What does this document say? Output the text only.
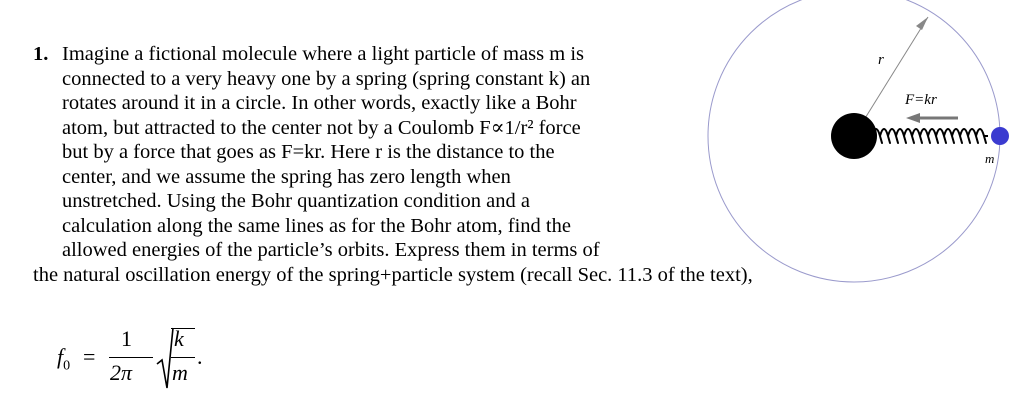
r
F=kr
m
1. Imagine a fictional molecule where a light particle of mass m is
connected to a very heavy one by a spring (spring constant k) an
rotates around it in a circle. In other words, exactly like a Bohr
atom, but attracted to the center not by a Coulomb F∝1/r² force
but by a force that goes as F=kr. Here r is the distance to the
center, and we assume the spring has zero length when
unstretched. Using the Bohr quantization condition and a
calculation along the same lines as for the Bohr atom, find the
allowed energies of the particle’s orbits. Express them in terms of
the natural oscillation energy of the spring+particle system (recall Sec. 11.3 of the text),
$f_0$ =
1
2π
k
m
.
